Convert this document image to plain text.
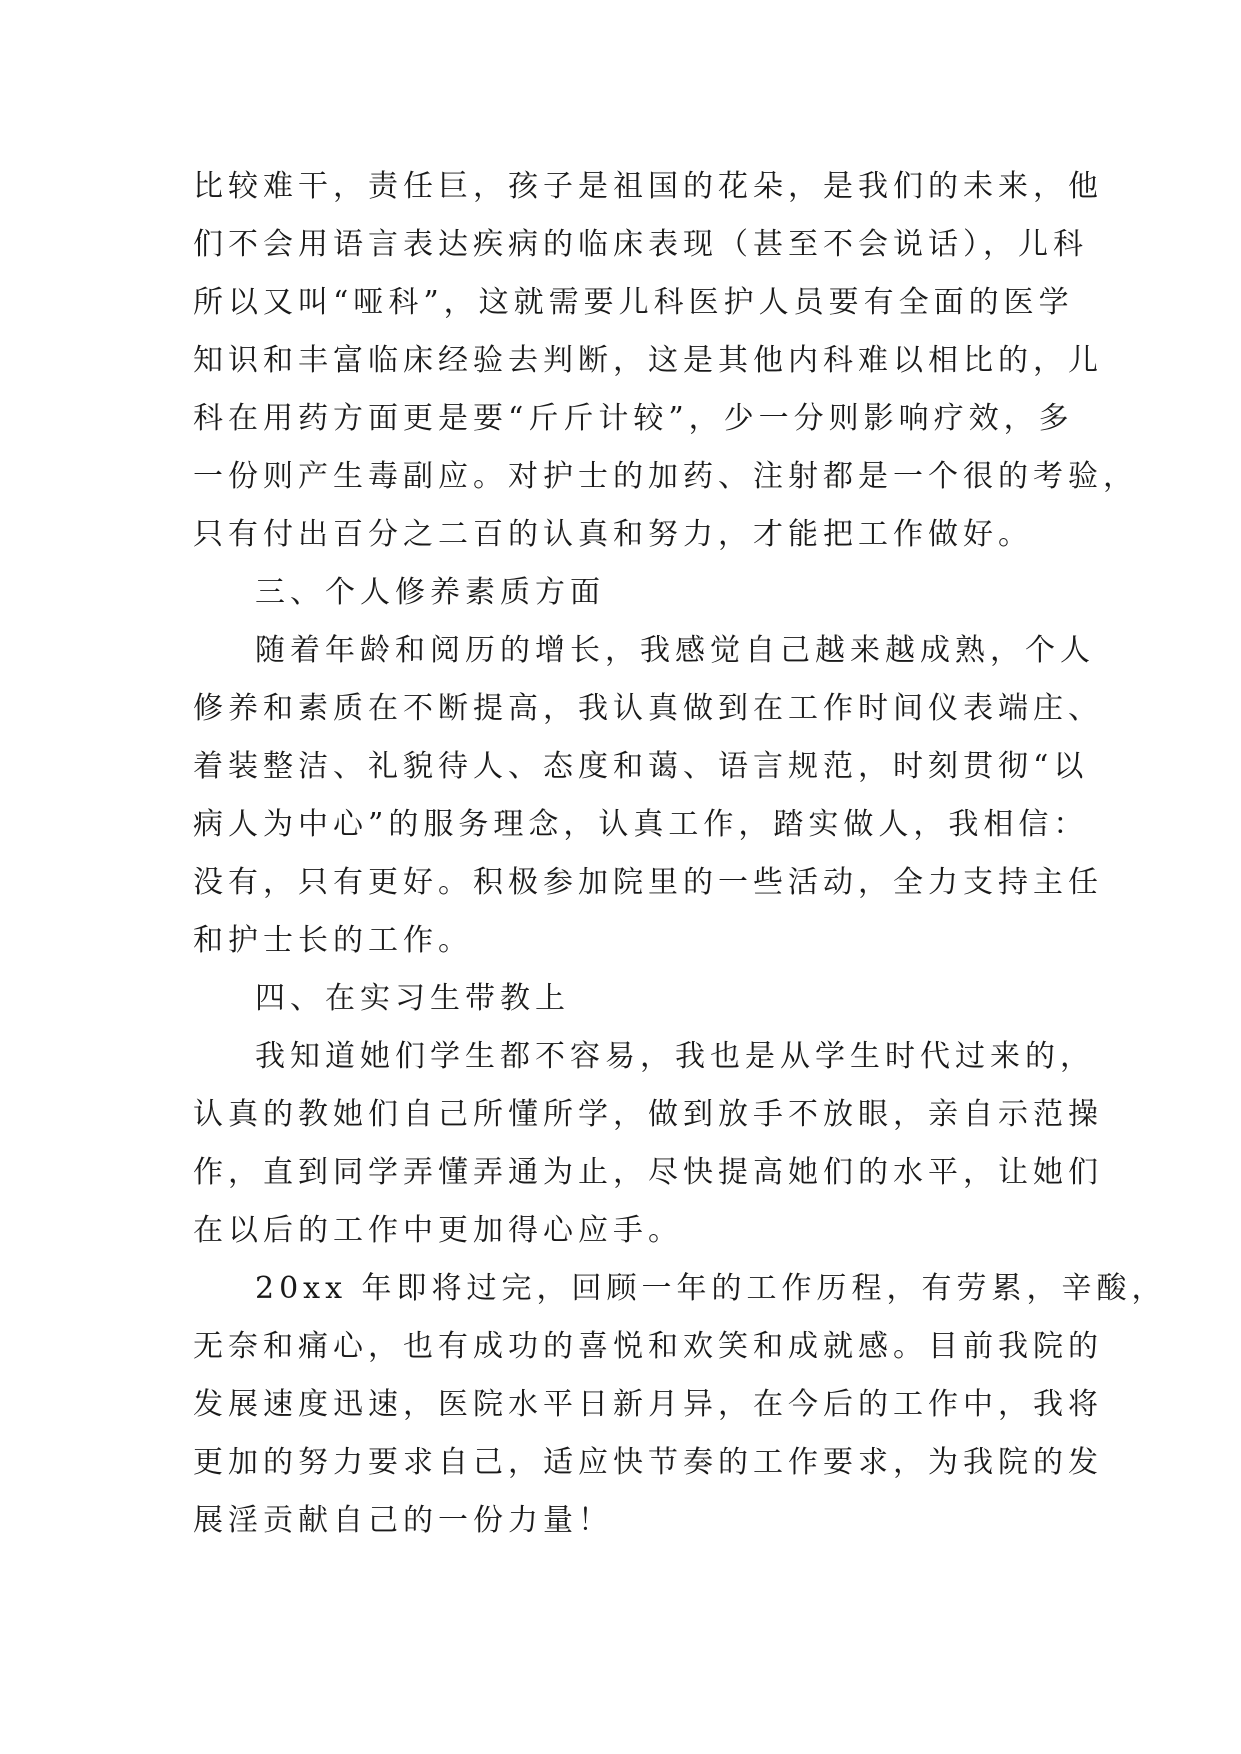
比较难干，责任巨，孩子是祖国的花朵，是我们的未来，他
们不会用语言表达疾病的临床表现（甚至不会说话），儿科
所以又叫“哑科”，这就需要儿科医护人员要有全面的医学
知识和丰富临床经验去判断，这是其他内科难以相比的，儿
科在用药方面更是要“斤斤计较”，少一分则影响疗效，多
一份则产生毒副应。对护士的加药、注射都是一个很的考验，
只有付出百分之二百的认真和努力，才能把工作做好。
三、个人修养素质方面
随着年龄和阅历的增长，我感觉自己越来越成熟，个人
修养和素质在不断提高，我认真做到在工作时间仪表端庄、
着装整洁、礼貌待人、态度和蔼、语言规范，时刻贯彻“以
病人为中心”的服务理念，认真工作，踏实做人，我相信：
没有，只有更好。积极参加院里的一些活动，全力支持主任
和护士长的工作。
四、在实习生带教上
我知道她们学生都不容易，我也是从学生时代过来的，
认真的教她们自己所懂所学，做到放手不放眼，亲自示范操
作，直到同学弄懂弄通为止，尽快提高她们的水平，让她们
在以后的工作中更加得心应手。
20xx 年即将过完，回顾一年的工作历程，有劳累，辛酸，
无奈和痛心，也有成功的喜悦和欢笑和成就感。目前我院的
发展速度迅速，医院水平日新月异，在今后的工作中，我将
更加的努力要求自己，适应快节奏的工作要求，为我院的发
展淫贡献自己的一份力量！
